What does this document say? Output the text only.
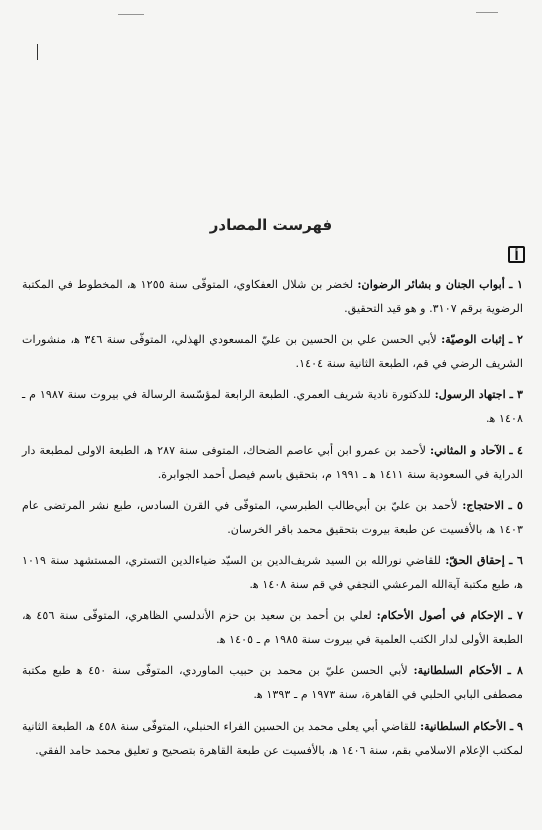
فهرست المصادر
أ
١ ـ أبواب الجنان و بشائر الرضوان: لخضر بن شلال العفكاوي، المتوفّى سنة ١٢٥٥ ﻫ، المخطوط في المكتبة الرضوية برقم ٣١٠٧. و هو قيد التحقيق.
٢ ـ إثبات الوصيّة: لأبي الحسن علي بن الحسين بن عليّ المسعودي الهذلي، المتوفّى سنة ٣٤٦ ﻫ، منشورات الشريف الرضي في قم، الطبعة الثانية سنة ١٤٠٤.
٣ ـ اجتهاد الرسول: للدكتورة نادية شريف العمري. الطبعة الرابعة لمؤسّسة الرسالة في بيروت سنة ١٩٨٧ م ـ ١٤٠٨ ﻫ.
٤ ـ الآحاد و المثاني: لأحمد بن عمرو ابن أبي عاصم الضحاك، المتوفى سنة ٢٨٧ ﻫ، الطبعة الاولى لمطبعة دار الدراية في السعودية سنة ١٤١١ ﻫ ـ ١٩٩١ م، بتحقيق باسم فيصل أحمد الجوابرة.
٥ ـ الاحتجاج: لأحمد بن عليّ بن أبي‌طالب الطبرسي، المتوفّى في القرن السادس، طبع نشر المرتضى عام ١٤٠٣ ﻫ، بالأفسيت عن طبعة بيروت بتحقيق محمد باقر الخرسان.
٦ ـ إحقاق الحقّ: للقاضي نورالله بن السيد شريف‌الدين بن السيّد ضياء‌الدين التستري، المستشهد سنة ١٠١٩ ﻫ، طبع مكتبة آية‌الله المرعشي النجفي في قم سنة ١٤٠٨ ﻫ.
٧ ـ الإحكام في أصول الأحكام: لعلي بن أحمد بن سعيد بن حزم الأندلسي الظاهري، المتوفّى سنة ٤٥٦ ﻫ، الطبعة الأولى لدار الكتب العلمية في بيروت سنة ١٩٨٥ م ـ ١٤٠٥ ﻫ.
٨ ـ الأحكام السلطانية: لأبي الحسن عليّ بن محمد بن حبيب الماوردي، المتوفّى سنة ٤٥٠ ﻫ طبع مكتبة مصطفى البابي الحلبي في القاهرة، سنة ١٩٧٣ م ـ ١٣٩٣ ﻫ.
٩ ـ الأحكام السلطانية: للقاضي أبي يعلى محمد بن الحسين الفراء الحنبلي، المتوفّى سنة ٤٥٨ ﻫ، الطبعة الثانية لمكتب الإعلام الاسلامي بقم، سنة ١٤٠٦ ﻫ، بالأفسيت عن طبعة القاهرة بتصحيح و تعليق محمد حامد الفقي.
